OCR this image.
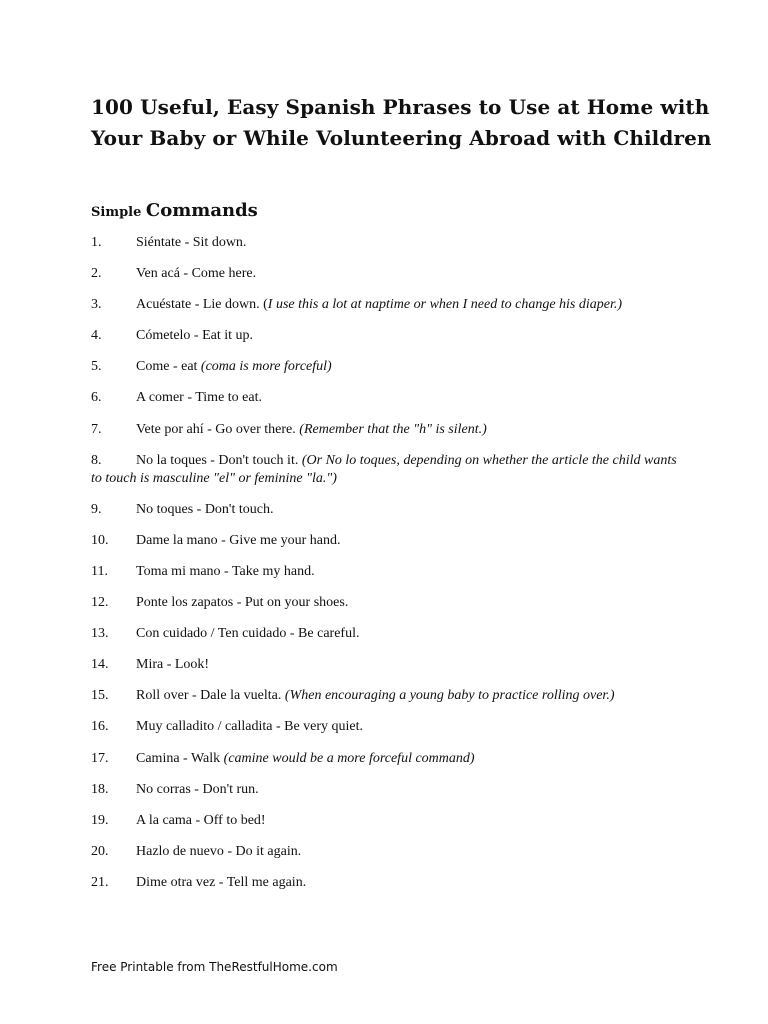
100 Useful, Easy Spanish Phrases to Use at Home with Your Baby or While Volunteering Abroad with Children
Simple Commands
1. Siéntate - Sit down.
2. Ven acá - Come here.
3. Acuéstate - Lie down. (I use this a lot at naptime or when I need to change his diaper.)
4. Cómetelo - Eat it up.
5. Come - eat (coma is more forceful)
6. A comer - Time to eat.
7. Vete por ahí - Go over there. (Remember that the "h" is silent.)
8. No la toques - Don't touch it. (Or No lo toques, depending on whether the article the child wants to touch is masculine "el" or feminine "la.")
9. No toques - Don't touch.
10. Dame la mano - Give me your hand.
11. Toma mi mano - Take my hand.
12. Ponte los zapatos - Put on your shoes.
13. Con cuidado / Ten cuidado - Be careful.
14. Mira - Look!
15. Roll over - Dale la vuelta. (When encouraging a young baby to practice rolling over.)
16. Muy calladito / calladita - Be very quiet.
17. Camina - Walk (camine would be a more forceful command)
18. No corras - Don't run.
19. A la cama - Off to bed!
20. Hazlo de nuevo - Do it again.
21. Dime otra vez - Tell me again.
Free Printable from TheRestfulHome.com
